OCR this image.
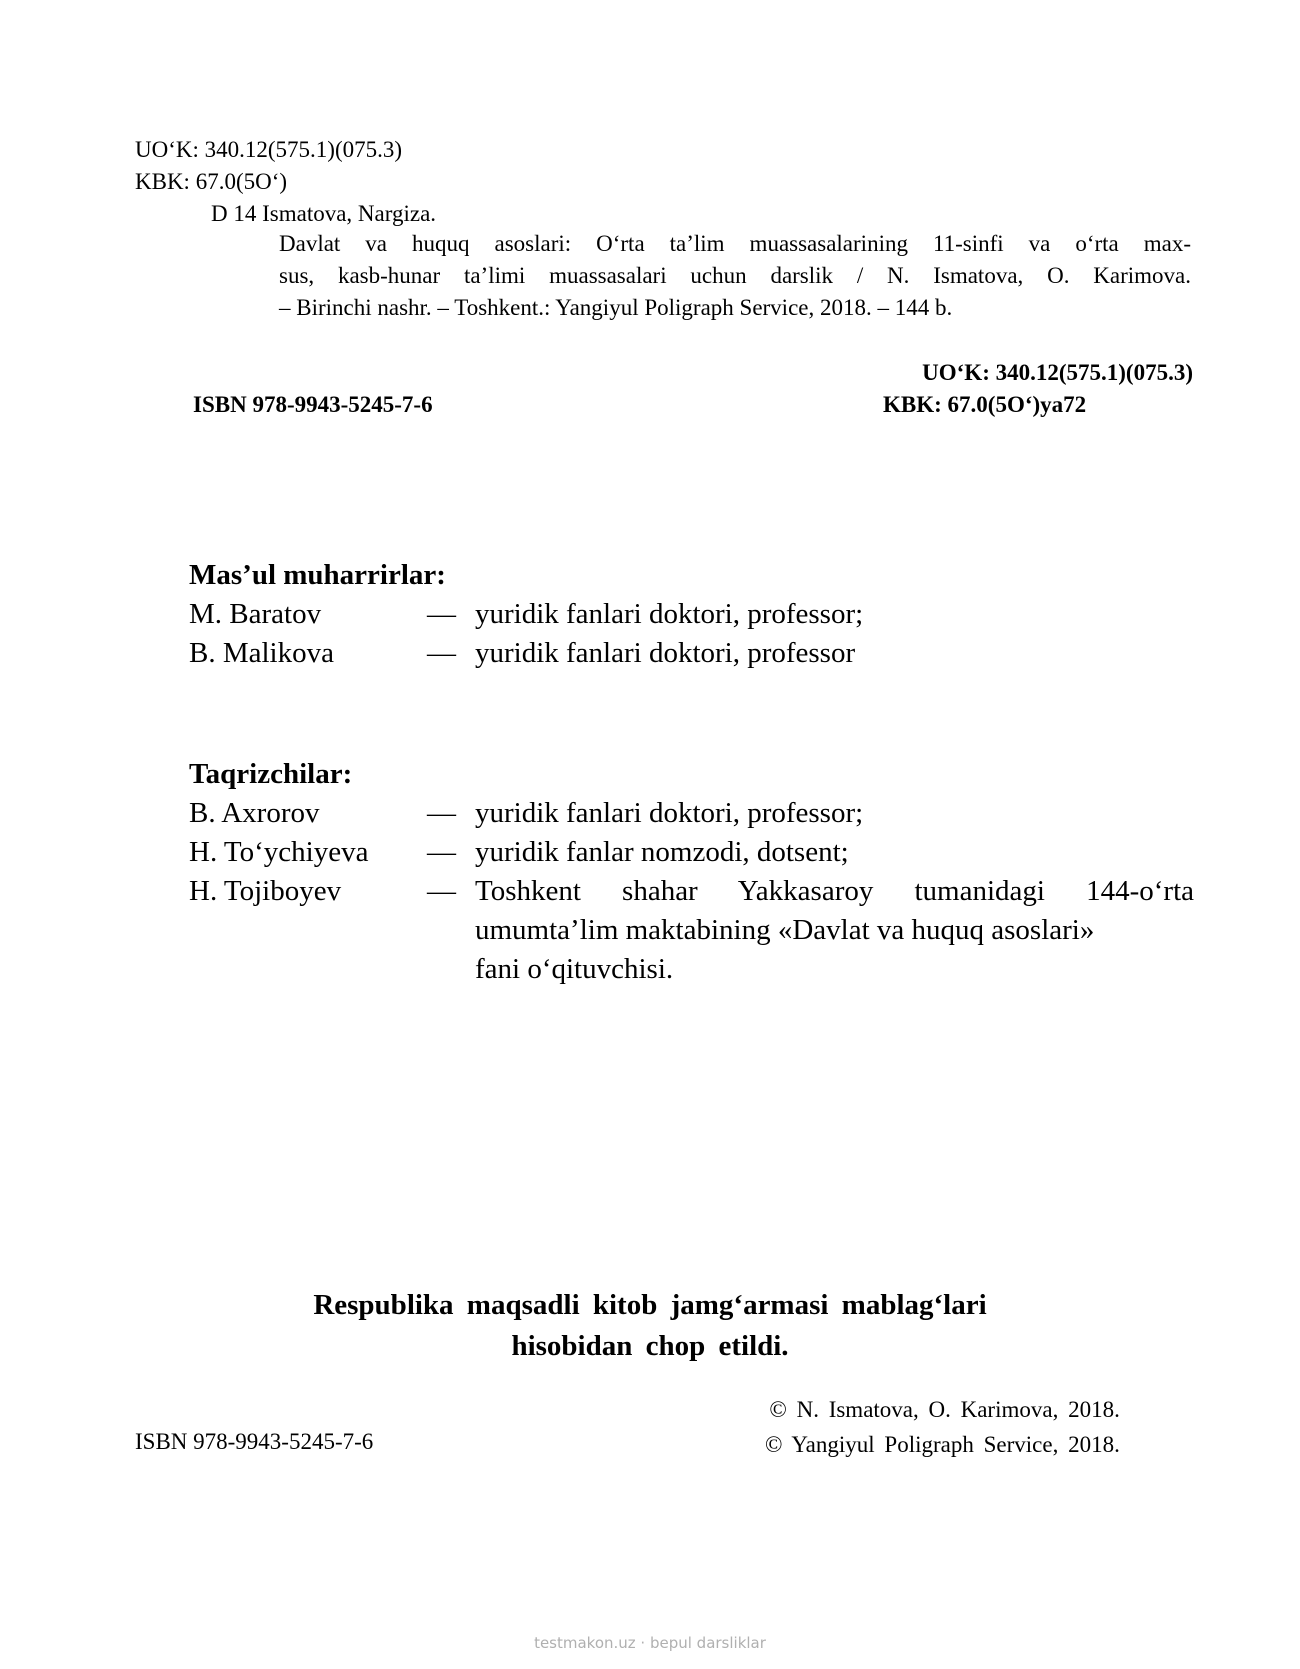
UO‘K: 340.12(575.1)(075.3)
KBK: 67.0(5O‘)
D 14 Ismatova, Nargiza.
Davlat va huquq asoslari: O‘rta ta’lim muassasalarining 11-sinfi va o‘rta max-
sus, kasb-hunar ta’limi muassasalari uchun darslik / N. Ismatova, O. Karimova.
– Birinchi nashr. – Toshkent.: Yangiyul Poligraph Service, 2018. – 144 b.
UO‘K: 340.12(575.1)(075.3)
KBK: 67.0(5O‘)ya72
ISBN 978-9943-5245-7-6
Mas’ul muharrirlar:
M. Baratov	— yuridik fanlari doktori, professor;
B. Malikova	— yuridik fanlari doktori, professor
Taqrizchilar:
B. Axrorov	— yuridik fanlari doktori, professor;
H. To‘ychiyeva	— yuridik fanlar nomzodi, dotsent;
H. Tojiboyev	— Toshkent shahar Yakkasaroy tumanidagi 144-o‘rta
umumta’lim maktabining «Davlat va huquq asoslari»
fani o‘qituvchisi.
Respublika maqsadli kitob jamg‘armasi mablag‘lari
hisobidan chop etildi.
ISBN 978-9943-5245-7-6
© N. Ismatova, O. Karimova, 2018.
© Yangiyul Poligraph Service, 2018.
testmakon.uz · bepul darsliklar
